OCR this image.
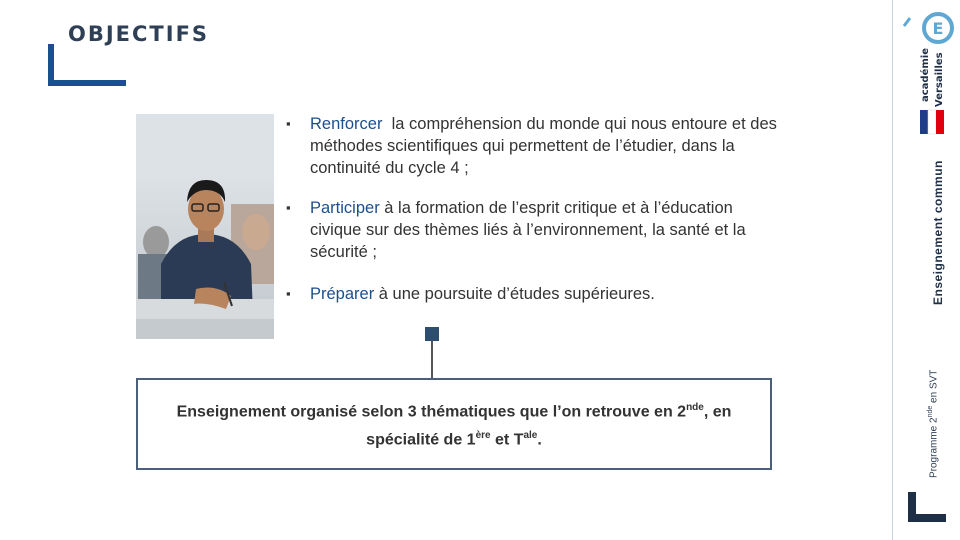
OBJECTIFS
▪ Renforcer  la compréhension du monde qui nous entoure et des méthodes scientifiques qui permettent de l’étudier, dans la continuité du cycle 4 ;
▪ Participer à la formation de l’esprit critique et à l’éducation civique sur des thèmes liés à l’environnement, la santé et la sécurité ;
▪ Préparer à une poursuite d’études supérieures.
Enseignement organisé selon 3 thématiques que l’on retrouve en 2nde, en spécialité de 1ère et $T^{ale}$.
E
académie Versailles
Enseignement commun
Programme 2nde en SVT
